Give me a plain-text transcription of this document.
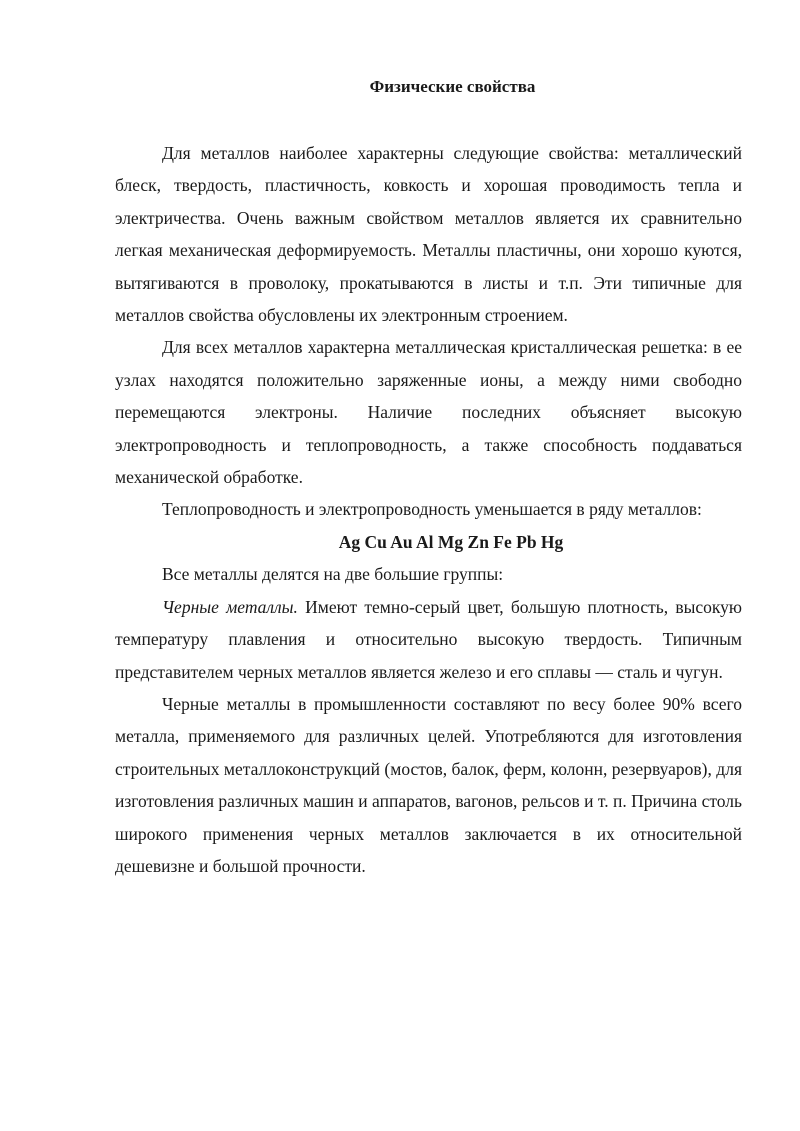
Физические свойства

Для металлов наиболее характерны следующие свойства: металлический блеск, твердость, пластичность, ковкость и хорошая проводимость тепла и электричества. Очень важным свойством металлов является их сравнительно легкая механическая деформируемость. Металлы пластичны, они хорошо куются, вытягиваются в проволоку, прокатываются в листы и т.п. Эти типичные для металлов свойства обусловлены их электронным строением.

Для всех металлов характерна металлическая кристаллическая решетка: в ее узлах находятся положительно заряженные ионы, а между ними свободно перемещаются электроны. Наличие последних объясняет высокую электропроводность и теплопроводность, а также способность поддаваться механической обработке.

Теплопроводность и электропроводность уменьшается в ряду металлов:

Ag Cu Au Al Mg Zn Fe Pb Hg

Все металлы делятся на две большие группы:

Черные металлы. Имеют темно-серый цвет, большую плотность, высокую температуру плавления и относительно высокую твердость. Типичным представителем черных металлов является железо и его сплавы — сталь и чугун.

Черные металлы в промышленности составляют по весу более 90% всего металла, применяемого для различных целей. Употребляются для изготовления строительных металлоконструкций (мостов, балок, ферм, колонн, резервуаров), для изготовления различных машин и аппаратов, вагонов, рельсов и т. п. Причина столь широкого применения черных металлов заключается в их относительной дешевизне и большой прочности.
